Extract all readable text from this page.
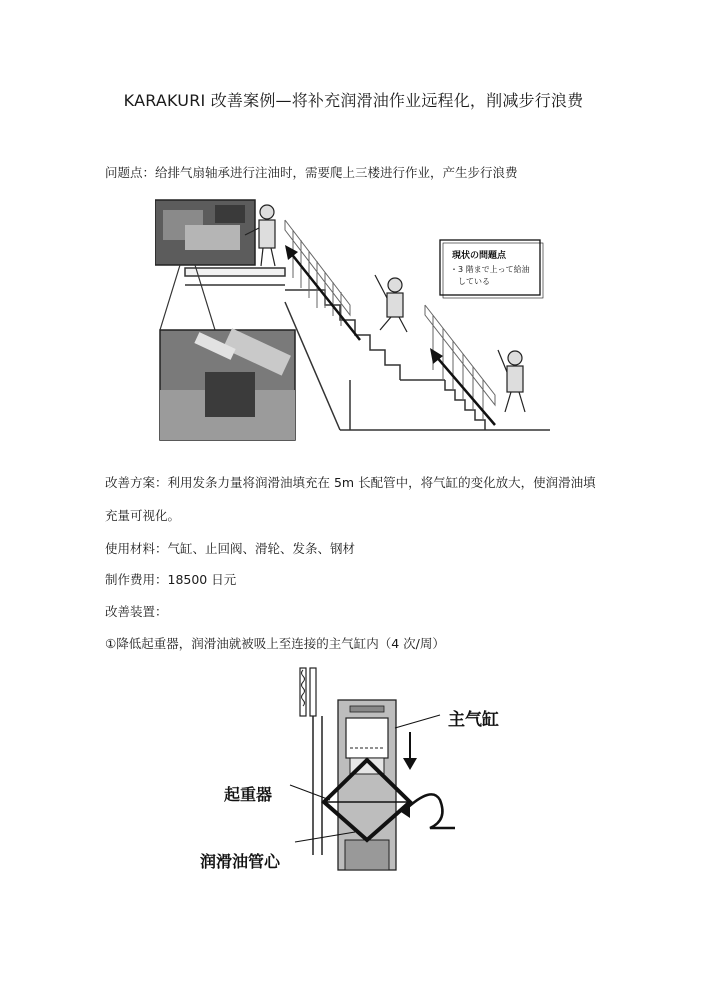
KARAKURI 改善案例—将补充润滑油作业远程化，削减步行浪费
问题点：给排气扇轴承进行注油时，需要爬上三楼进行作业，产生步行浪费
現状の問題点
・3 階まで上って給油
している
改善方案：利用发条力量将润滑油填充在 5m 长配管中，将气缸的变化放大，使润滑油填
充量可视化。
使用材料：气缸、止回阀、滑轮、发条、钢材
制作费用：18500 日元
改善装置：
①降低起重器，润滑油就被吸上至连接的主气缸内（4 次/周）
主气缸
起重器
润滑油管心
